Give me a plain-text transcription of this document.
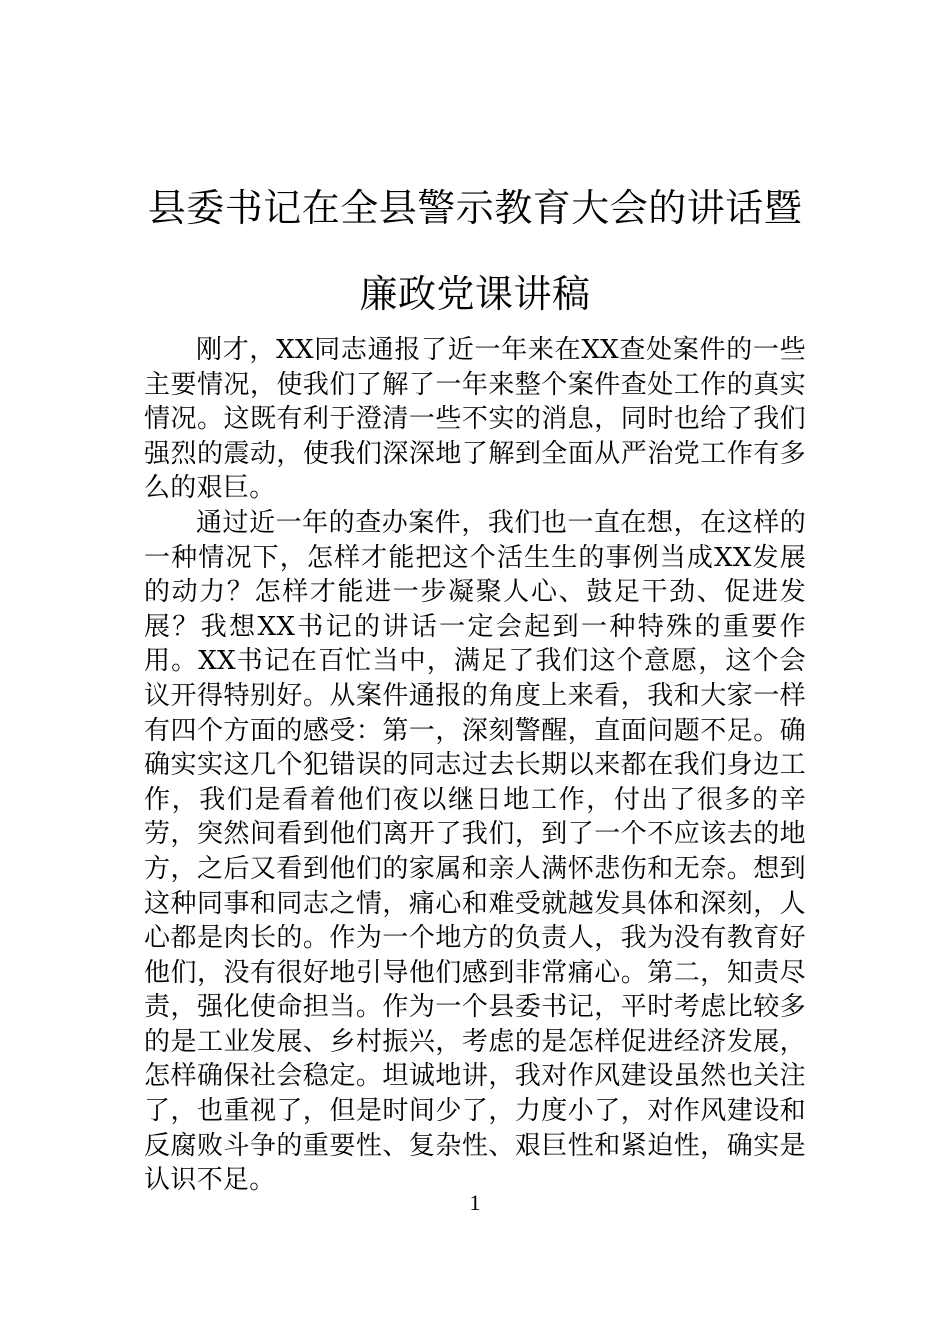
县委书记在全县警示教育大会的讲话暨廉政党课讲稿

刚才，XX同志通报了近一年来在XX查处案件的一些主要情况，使我们了解了一年来整个案件查处工作的真实情况。这既有利于澄清一些不实的消息，同时也给了我们强烈的震动，使我们深深地了解到全面从严治党工作有多么的艰巨。

通过近一年的查办案件，我们也一直在想，在这样的一种情况下，怎样才能把这个活生生的事例当成XX发展的动力？怎样才能进一步凝聚人心、鼓足干劲、促进发展？我想XX书记的讲话一定会起到一种特殊的重要作用。XX书记在百忙当中，满足了我们这个意愿，这个会议开得特别好。从案件通报的角度上来看，我和大家一样有四个方面的感受：第一，深刻警醒，直面问题不足。确确实实这几个犯错误的同志过去长期以来都在我们身边工作，我们是看着他们夜以继日地工作，付出了很多的辛劳，突然间看到他们离开了我们，到了一个不应该去的地方，之后又看到他们的家属和亲人满怀悲伤和无奈。想到这种同事和同志之情，痛心和难受就越发具体和深刻，人心都是肉长的。作为一个地方的负责人，我为没有教育好他们，没有很好地引导他们感到非常痛心。第二，知责尽责，强化使命担当。作为一个县委书记，平时考虑比较多的是工业发展、乡村振兴，考虑的是怎样促进经济发展，怎样确保社会稳定。坦诚地讲，我对作风建设虽然也关注了，也重视了，但是时间少了，力度小了，对作风建设和反腐败斗争的重要性、复杂性、艰巨性和紧迫性，确实是认识不足。

1
